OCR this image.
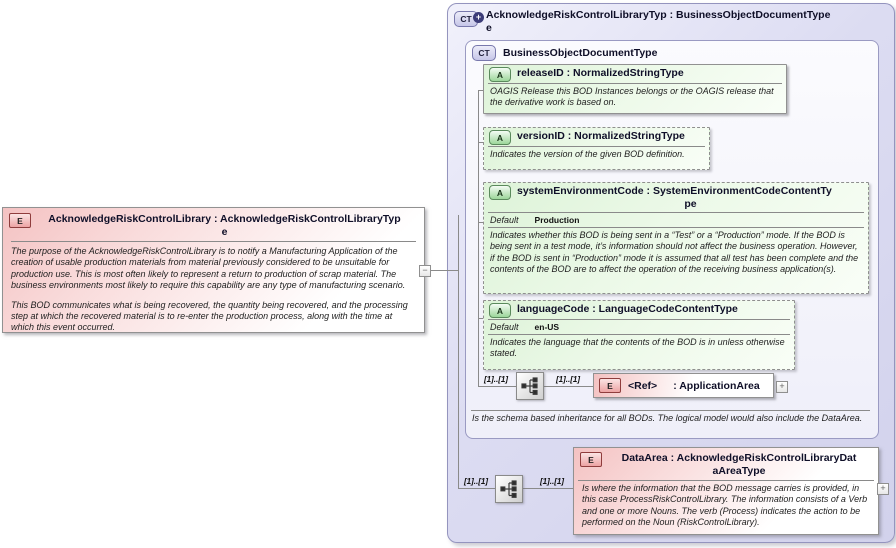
CT + AcknowledgeRiskControlLibraryTyp : BusinessObjectDocumentType
e
CT	BusinessObjectDocumentType
Is the schema based inheritance for all BODs. The logical model would also include the DataArea.
A	releaseID : NormalizedStringType
OAGIS Release this BOD Instances belongs or the OAGIS release that the derivative work is based on.
A	versionID : NormalizedStringType
Indicates the version of the given BOD definition.
A	systemEnvironmentCode : SystemEnvironmentCodeContentTy
pe
Default Production
Indicates whether this BOD is being sent in a “Test” or a “Production” mode. If the BOD is being sent in a test mode, it’s information should not affect the business operation. However, if the BOD is sent in “Production” mode it is assumed that all test has been complete and the contents of the BOD are to affect the operation of the receiving business application(s).
A	languageCode : LanguageCodeContentType
Default en-US
Indicates the language that the contents of the BOD is in unless otherwise stated.
[1]..[1]	[1]..[1]
E	<Ref> : ApplicationArea	+
[1]..[1]	[1]..[1]
E	DataArea : AcknowledgeRiskControlLibraryDat
aAreaType
Is where the information that the BOD message carries is provided, in this case ProcessRiskControlLibrary. The information consists of a Verb and one or more Nouns. The verb (Process) indicates the action to be performed on the Noun (RiskControlLibrary).
+
E	AcknowledgeRiskControlLibrary : AcknowledgeRiskControlLibraryTyp
e
The purpose of the AcknowledgeRiskControlLibrary is to notify a Manufacturing Application of the creation of usable production materials from material previously considered to be unsuitable for production use. This is most often likely to represent a return to production of scrap material. The business environments most likely to require this capability are any type of manufacturing scenario.
This BOD communicates what is being recovered, the quantity being recovered, and the processing step at which the recovered material is to re-enter the production process, along with the time at which this event occurred.
−
